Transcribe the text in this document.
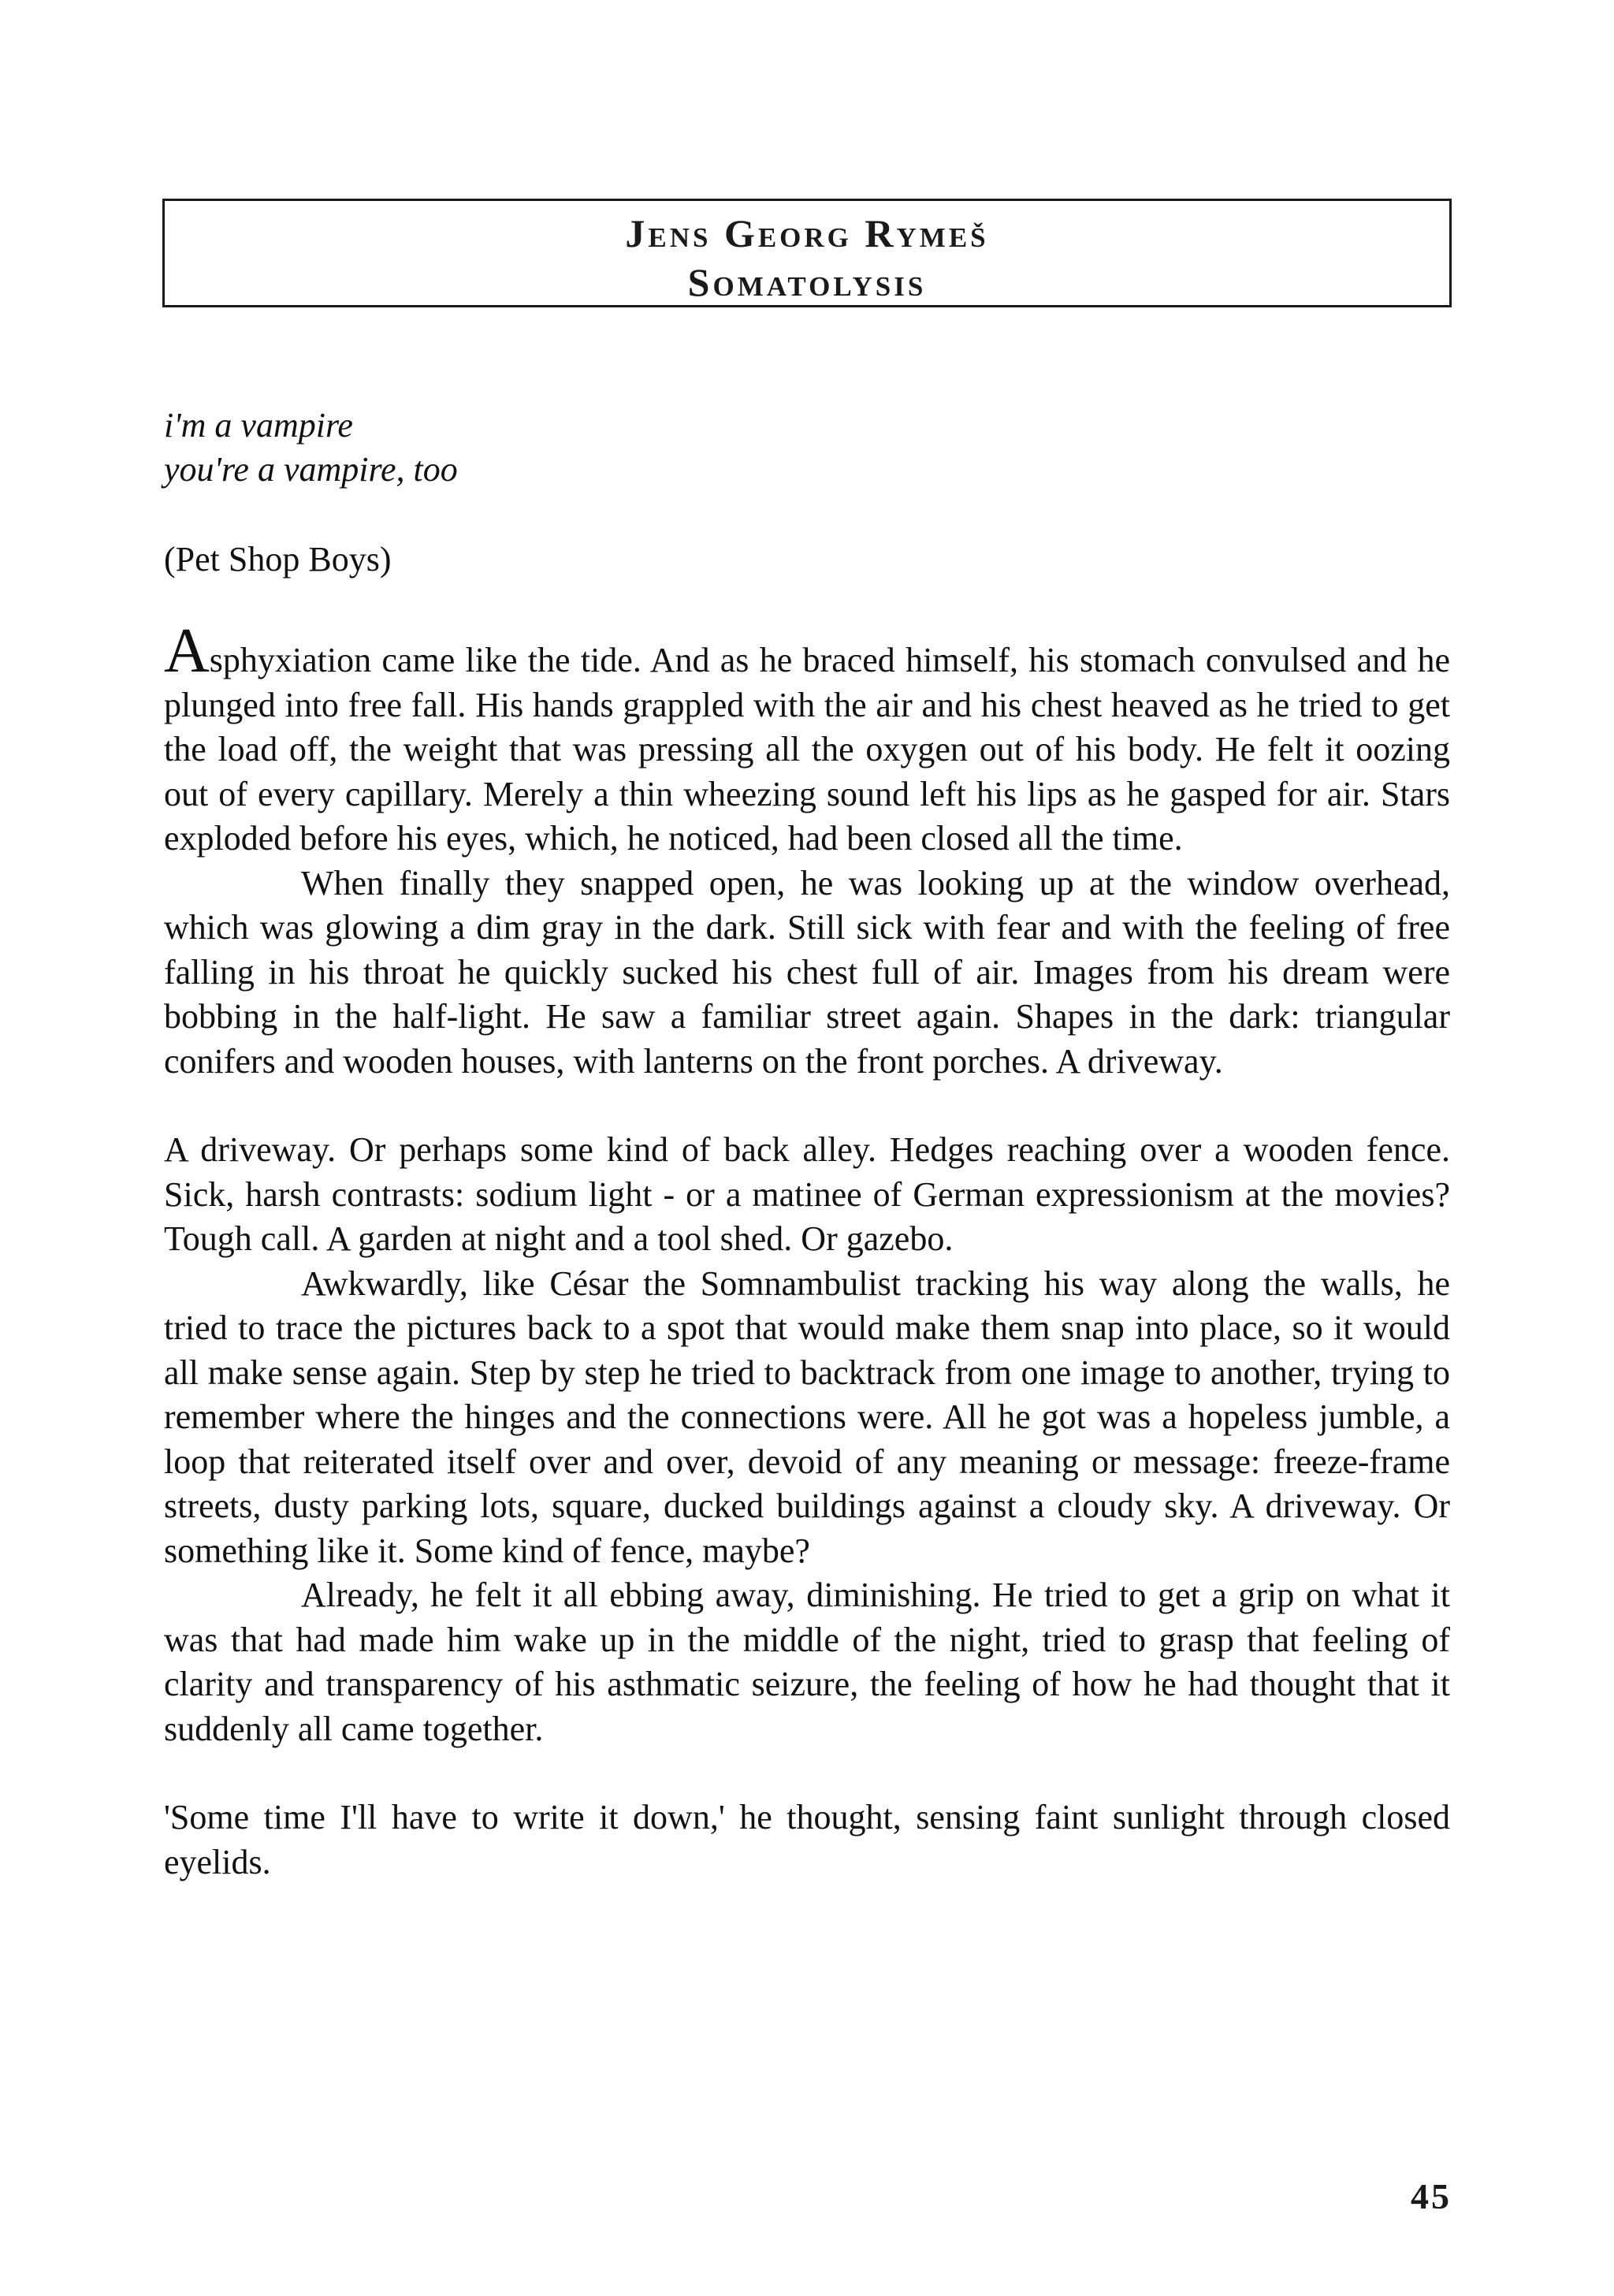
Jens Georg Rymeš
Somatolysis
i'm a vampire
you're a vampire, too
(Pet Shop Boys)

Asphyxiation came like the tide. And as he braced himself, his stomach convulsed and he plunged into free fall. His hands grappled with the air and his chest heaved as he tried to get the load off, the weight that was pressing all the oxygen out of his body. He felt it oozing out of every capillary. Merely a thin wheezing sound left his lips as he gasped for air. Stars exploded before his eyes, which, he noticed, had been closed all the time.

When finally they snapped open, he was looking up at the window overhead, which was glowing a dim gray in the dark. Still sick with fear and with the feeling of free falling in his throat he quickly sucked his chest full of air. Images from his dream were bobbing in the half-light. He saw a familiar street again. Shapes in the dark: triangular conifers and wooden houses, with lanterns on the front porches. A driveway.

A driveway. Or perhaps some kind of back alley. Hedges reaching over a wooden fence. Sick, harsh contrasts: sodium light - or a matinee of German expressionism at the movies? Tough call. A garden at night and a tool shed. Or gazebo.

Awkwardly, like César the Somnambulist tracking his way along the walls, he tried to trace the pictures back to a spot that would make them snap into place, so it would all make sense again. Step by step he tried to backtrack from one image to another, trying to remember where the hinges and the connections were. All he got was a hopeless jumble, a loop that reiterated itself over and over, devoid of any meaning or message: freeze-frame streets, dusty parking lots, square, ducked buildings against a cloudy sky. A driveway. Or something like it. Some kind of fence, maybe?

Already, he felt it all ebbing away, diminishing. He tried to get a grip on what it was that had made him wake up in the middle of the night, tried to grasp that feeling of clarity and transparency of his asthmatic seizure, the feeling of how he had thought that it suddenly all came together.

'Some time I'll have to write it down,' he thought, sensing faint sunlight through closed eyelids.

45
